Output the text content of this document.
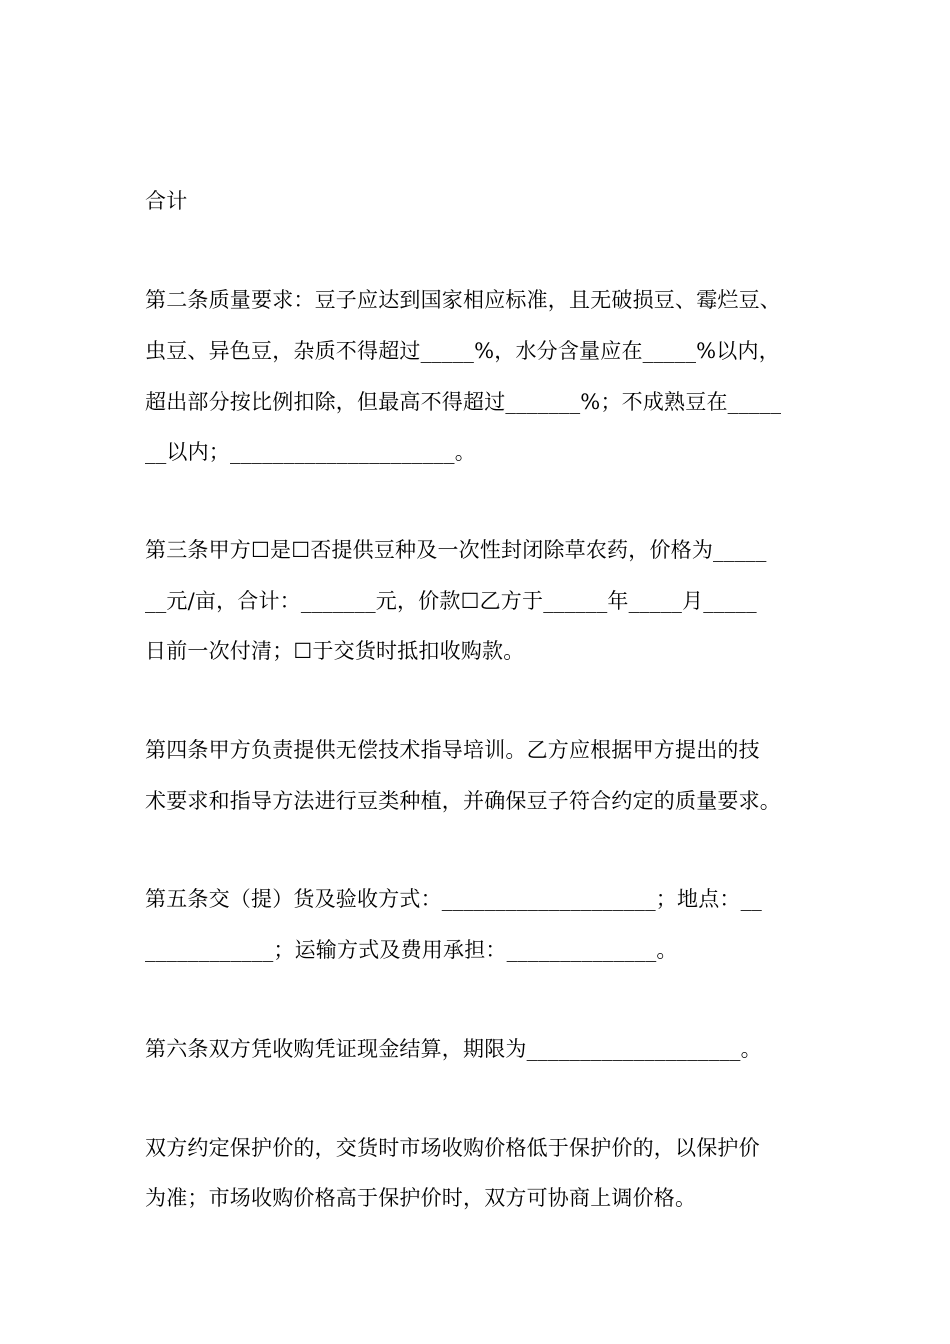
合计
第二条质量要求：豆子应达到国家相应标准，且无破损豆、霉烂豆、
虫豆、异色豆，杂质不得超过_____%，水分含量应在_____%以内，
超出部分按比例扣除，但最高不得超过_______%；不成熟豆在_____
__以内；_____________________。
第三条甲方☐是☐否提供豆种及一次性封闭除草农药，价格为_____
__元/亩，合计：_______元，价款☐乙方于______年_____月_____
日前一次付清；☐于交货时抵扣收购款。
第四条甲方负责提供无偿技术指导培训。乙方应根据甲方提出的技
术要求和指导方法进行豆类种植，并确保豆子符合约定的质量要求。
第五条交（提）货及验收方式：____________________；地点：__
____________；运输方式及费用承担：______________。
第六条双方凭收购凭证现金结算，期限为____________________。
双方约定保护价的，交货时市场收购价格低于保护价的，以保护价
为准；市场收购价格高于保护价时，双方可协商上调价格。
